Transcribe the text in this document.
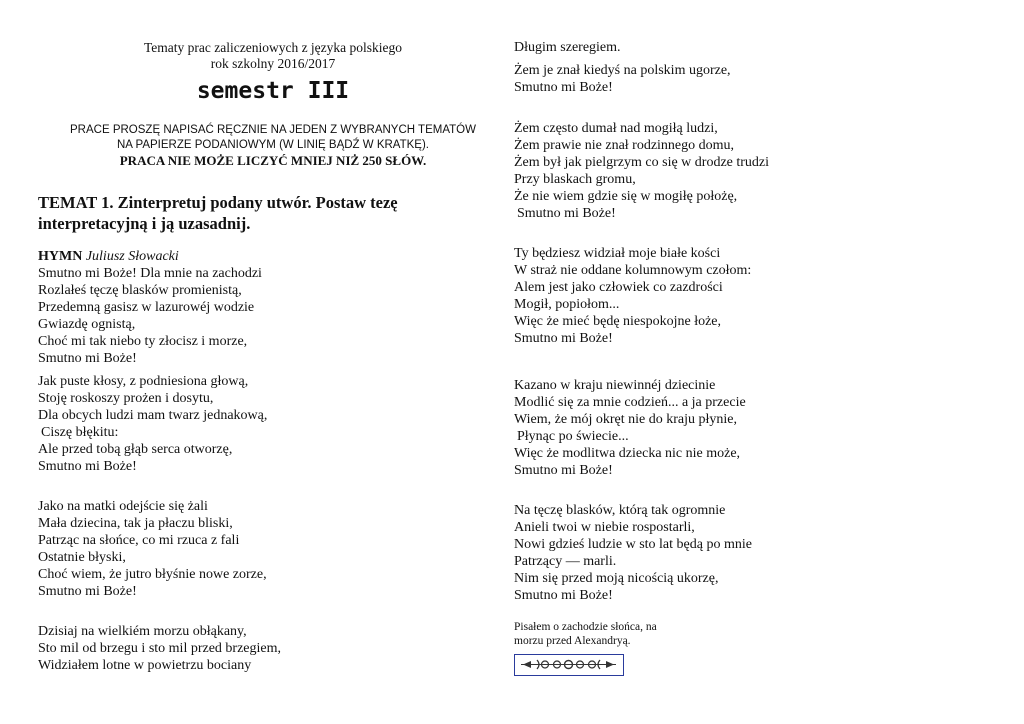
Tematy prac zaliczeniowych z języka polskiego

rok szkolny 2016/2017

semestr III

PRACE PROSZĘ NAPISAĆ RĘCZNIE NA JEDEN Z WYBRANYCH TEMATÓW

NA PAPIERZE PODANIOWYM (W LINIĘ BĄDŹ W KRATKĘ).

PRACA NIE MOŻE LICZYĆ MNIEJ NIŻ 250 SŁÓW.

TEMAT 1. Zinterpretuj podany utwór. Postaw tezę

interpretacyjną i ją uzasadnij.

HYMN Juliusz Słowacki

Smutno mi Boże! Dla mnie na zachodzi

Rozlałeś tęczę blasków promienistą,

Przedemną gasisz w lazurowéj wodzie

Gwiazdę ognistą,

Choć mi tak niebo ty złocisz i morze,

Smutno mi Boże!

Jak puste kłosy, z podniesiona głową,

Stoję roskoszy prożen i dosytu,

Dla obcych ludzi mam twarz jednakową,

Ciszę błękitu:

Ale przed tobą głąb serca otworzę,

Smutno mi Boże!

Jako na matki odejście się żali

Mała dziecina, tak ja płaczu bliski,

Patrząc na słońce, co mi rzuca z fali

Ostatnie błyski,

Choć wiem, że jutro błyśnie nowe zorze,

Smutno mi Boże!

Dzisiaj na wielkiém morzu obłąkany,

Sto mil od brzegu i sto mil przed brzegiem,

Widziałem lotne w powietrzu bociany

Długim szeregiem.

Żem je znał kiedyś na polskim ugorze,

Smutno mi Boże!

Żem często dumał nad mogiłą ludzi,

Żem prawie nie znał rodzinnego domu,

Żem był jak pielgrzym co się w drodze trudzi

Przy blaskach gromu,

Że nie wiem gdzie się w mogiłę położę,

Smutno mi Boże!

Ty będziesz widział moje białe kości

W straż nie oddane kolumnowym czołom:

Alem jest jako człowiek co zazdrości

Mogił, popiołom...

Więc że mieć będę niespokojne łoże,

Smutno mi Boże!

Kazano w kraju niewinnéj dziecinie

Modlić się za mnie codzień... a ja przecie

Wiem, że mój okręt nie do kraju płynie,

Płynąc po świecie...

Więc że modlitwa dziecka nic nie może,

Smutno mi Boże!

Na tęczę blasków, którą tak ogromnie

Anieli twoi w niebie rospostarli,

Nowi gdzieś ludzie w sto lat będą po mnie

Patrzący — marli.

Nim się przed moją nicością ukorzę,

Smutno mi Boże!

Pisałem o zachodzie słońca, na

morzu przed Alexandryą.
